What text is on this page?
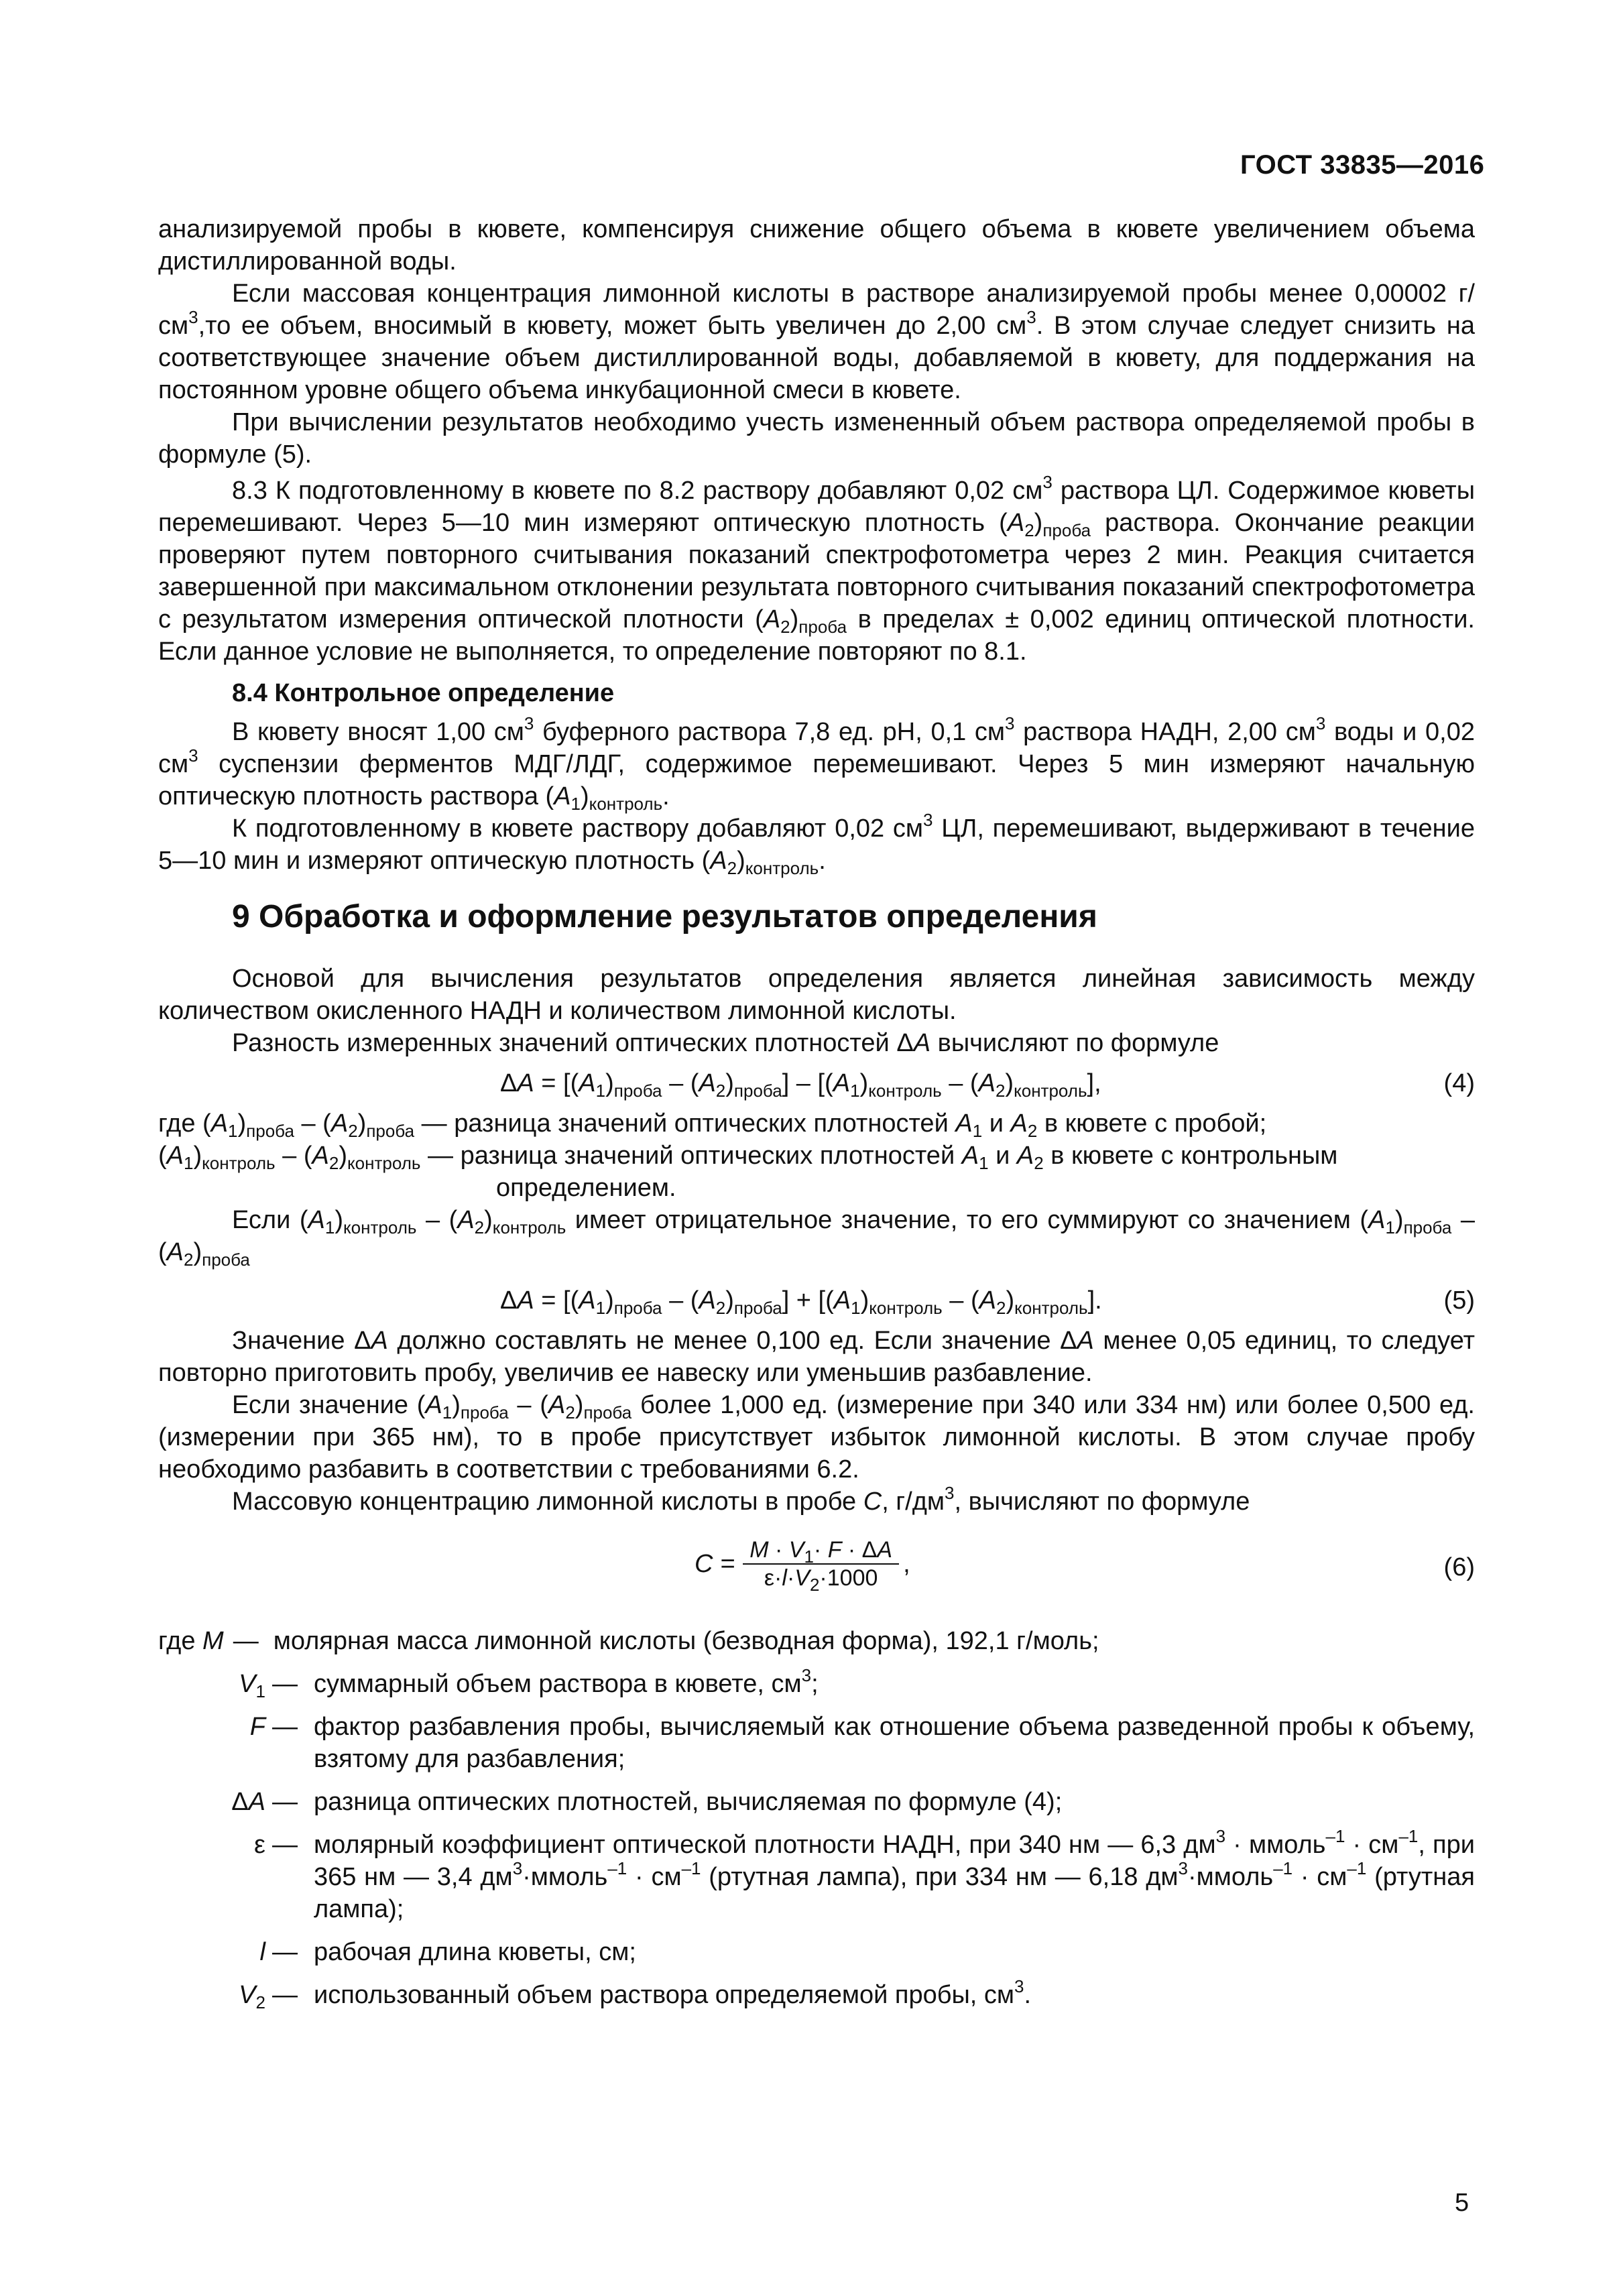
ГОСТ 33835—2016

анализируемой пробы в кювете, компенсируя снижение общего объема в кювете увеличением объема дистиллированной воды.

Если массовая концентрация лимонной кислоты в растворе анализируемой пробы менее 0,00002 $г/см^3,то$ ее объем, вносимый в кювету, может быть увеличен до 2,00 $см^3$. В этом случае следует снизить на соответствующее значение объем дистиллированной воды, добавляемой в кювету, для поддержания на постоянном уровне общего объема инкубационной смеси в кювете.

При вычислении результатов необходимо учесть измененный объем раствора определяемой пробы в формуле (5).

8.3 К подготовленному в кювете по 8.2 раствору добавляют 0,02 $см^3$ раствора ЦЛ. Содержимое кюветы перемешивают. Через 5—10 мин измеряют оптическую плотность $(A_2)_{проба}$ раствора. Окончание реакции проверяют путем повторного считывания показаний спектрофотометра через 2 мин. Реакция считается завершенной при максимальном отклонении результата повторного считывания показаний спектрофотометра с результатом измерения оптической плотности $(A_2)_{проба}$ в пределах ± 0,002 единиц оптической плотности. Если данное условие не выполняется, то определение повторяют по 8.1.

8.4 Контрольное определение

В кювету вносят 1,00 $см^3$ буферного раствора 7,8 ед. pH, 0,1 $см^3$ раствора НАДН, 2,00 $см^3$ воды и 0,02 $см^3$ суспензии ферментов МДГ/ЛДГ, содержимое перемешивают. Через 5 мин измеряют начальную оптическую плотность раствора $(A_1)_{контроль}$.

К подготовленному в кювете раствору добавляют 0,02 $см^3$ ЦЛ, перемешивают, выдерживают в течение 5—10 мин и измеряют оптическую плотность $(A_2)_{контроль}$.

9 Обработка и оформление результатов определения

Основой для вычисления результатов определения является линейная зависимость между количеством окисленного НАДН и количеством лимонной кислоты.

Разность измеренных значений оптических плотностей ΔA вычисляют по формуле

$\Delta A = [(A_1)_{проба} - (A_2)_{проба}] - [(A_1)_{контроль} - (A_2)_{контроль}]$,	(4)
где $(A_1)_{проба} - (A_2)_{проба}$ — разница значений оптических плотностей $A_1$ и $A_2$ в кювете с пробой;
$(A_1)_{контроль} - (A_2)_{контроль}$ — разница значений оптических плотностей $A_1$ и $A_2$ в кювете с контрольным
определением.

Если $(A_1)_{контроль} - (A_2)_{контроль}$ имеет отрицательное значение, то его суммируют со значением $(A_1)_{проба} - (A_2)_{проба}$

$\Delta A = [(A_1)_{проба} - (A_2)_{проба}] + [(A_1)_{контроль} - (A_2)_{контроль}]$.	(5)

Значение ΔA должно составлять не менее 0,100 ед. Если значение ΔA менее 0,05 единиц, то следует повторно приготовить пробу, увеличив ее навеску или уменьшив разбавление.

Если значение $(A_1)_{проба} - (A_2)_{проба}$ более 1,000 ед. (измерение при 340 или 334 нм) или более 0,500 ед. (измерении при 365 нм), то в пробе присутствует избыток лимонной кислоты. В этом случае пробу необходимо разбавить в соответствии с требованиями 6.2.

Массовую концентрацию лимонной кислоты в пробе C, $г/дм^3$, вычисляют по формуле

$C = \frac{M \cdot V_1\cdot F \cdot \Delta A}{\varepsilon\cdot l\cdot V_2\cdot 1000}$ ,	(6)
где M — молярная масса лимонной кислоты (безводная форма), 192,1 г/моль;
$V_1$ — суммарный объем раствора в кювете, $см^3$;
F — фактор разбавления пробы, вычисляемый как отношение объема разведенной пробы к объему, взятому для разбавления;
ΔA — разница оптических плотностей, вычисляемая по формуле (4);
ε — молярный коэффициент оптической плотности НАДН, при 340 нм — 6,3 $дм^3$ · ммоль$^{-1}$ · $см^{-1}$, при 365 нм — 3,4 $дм^3\cdot ммоль^{-1} \cdot см^{-1}$ (ртутная лампа), при 334 нм — 6,18 $дм^3\cdot ммоль^{-1} \cdot см^{-1}$ (ртутная лампа);
l — рабочая длина кюветы, см;
$V_2$ — использованный объем раствора определяемой пробы, $см^3$.
5
